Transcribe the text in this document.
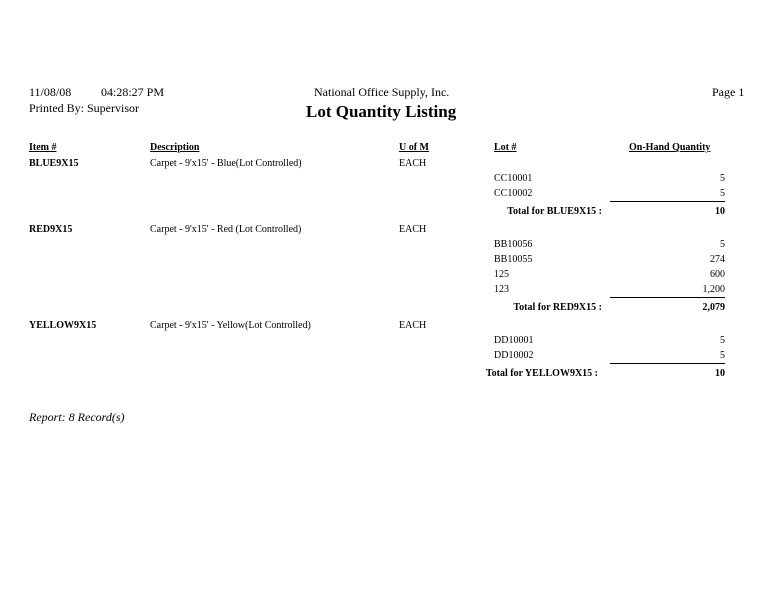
11/08/08 04:28:27 PM	National Office Supply, Inc.	Page 1
Printed By: Supervisor	Lot Quantity Listing
Item #	Description	U of M	Lot #	On-Hand Quantity
BLUE9X15	Carpet - 9'x15' - Blue(Lot Controlled)	EACH
CC10001	5
CC10002	5
Total for BLUE9X15 :	10
RED9X15	Carpet - 9'x15' - Red (Lot Controlled)	EACH
BB10056	5
BB10055	274
125	600
123	1,200
Total for RED9X15 :	2,079
YELLOW9X15	Carpet - 9'x15' - Yellow(Lot Controlled)	EACH
DD10001	5
DD10002	5
Total for YELLOW9X15 :	10
Report: 8 Record(s)
